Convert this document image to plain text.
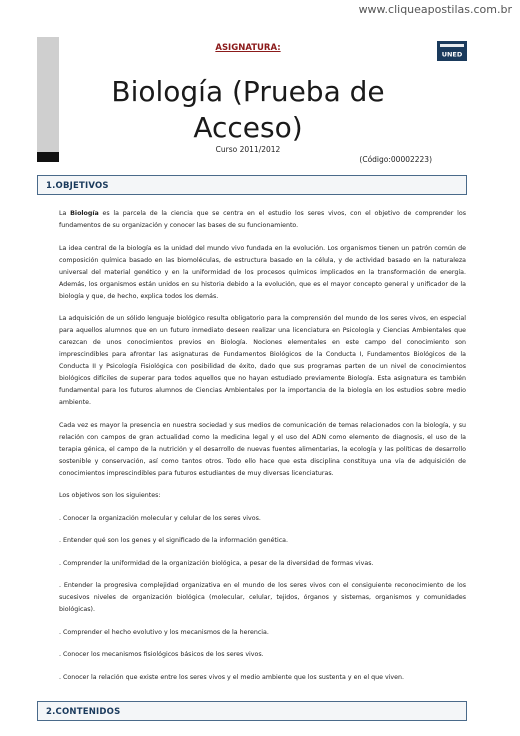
www.cliqueapostilas.com.br
ASIGNATURA:
UNED
Biología (Prueba de
Acceso)
Curso 2011/2012
(Código:00002223)
1.OBJETIVOS

La Biología es la parcela de la ciencia que se centra en el estudio los seres vivos, con el objetivo de comprender los fundamentos de su organización y conocer las bases de su funcionamiento.

La idea central de la biología es la unidad del mundo vivo fundada en la evolución. Los organismos tienen un patrón común de composición química basado en las biomoléculas, de estructura basado en la célula, y de actividad basado en la naturaleza universal del material genético y en la uniformidad de los procesos químicos implicados en la transformación de energía. Además, los organismos están unidos en su historia debido a la evolución, que es el mayor concepto general y unificador de la biología y que, de hecho, explica todos los demás.

La adquisición de un sólido lenguaje biológico resulta obligatorio para la comprensión del mundo de los seres vivos, en especial para aquellos alumnos que en un futuro inmediato deseen realizar una licenciatura en Psicología y Ciencias Ambientales que carezcan de unos conocimientos previos en Biología. Nociones elementales en este campo del conocimiento son imprescindibles para afrontar las asignaturas de Fundamentos Biológicos de la Conducta I, Fundamentos Biológicos de la Conducta II y Psicología Fisiológica con posibilidad de éxito, dado que sus programas parten de un nivel de conocimientos biológicos difíciles de superar para todos aquellos que no hayan estudiado previamente Biología. Esta asignatura es también fundamental para los futuros alumnos de Ciencias Ambientales por la importancia de la biología en los estudios sobre medio ambiente.

Cada vez es mayor la presencia en nuestra sociedad y sus medios de comunicación de temas relacionados con la biología, y su relación con campos de gran actualidad como la medicina legal y el uso del ADN como elemento de diagnosis, el uso de la terapia génica, el campo de la nutrición y el desarrollo de nuevas fuentes alimentarias, la ecología y las políticas de desarrollo sostenible y conservación, así como tantos otros. Todo ello hace que esta disciplina constituya una vía de adquisición de conocimientos imprescindibles para futuros estudiantes de muy diversas licenciaturas.

Los objetivos son los siguientes:

. Conocer la organización molecular y celular de los seres vivos.

. Entender qué son los genes y el significado de la información genética.

. Comprender la uniformidad de la organización biológica, a pesar de la diversidad de formas vivas.

. Entender la progresiva complejidad organizativa en el mundo de los seres vivos con el consiguiente reconocimiento de los sucesivos niveles de organización biológica (molecular, celular, tejidos, órganos y sistemas, organismos y comunidades biológicas).

. Comprender el hecho evolutivo y los mecanismos de la herencia.

. Conocer los mecanismos fisiológicos básicos de los seres vivos.

. Conocer la relación que existe entre los seres vivos y el medio ambiente que los sustenta y en el que viven.

2.CONTENIDOS
